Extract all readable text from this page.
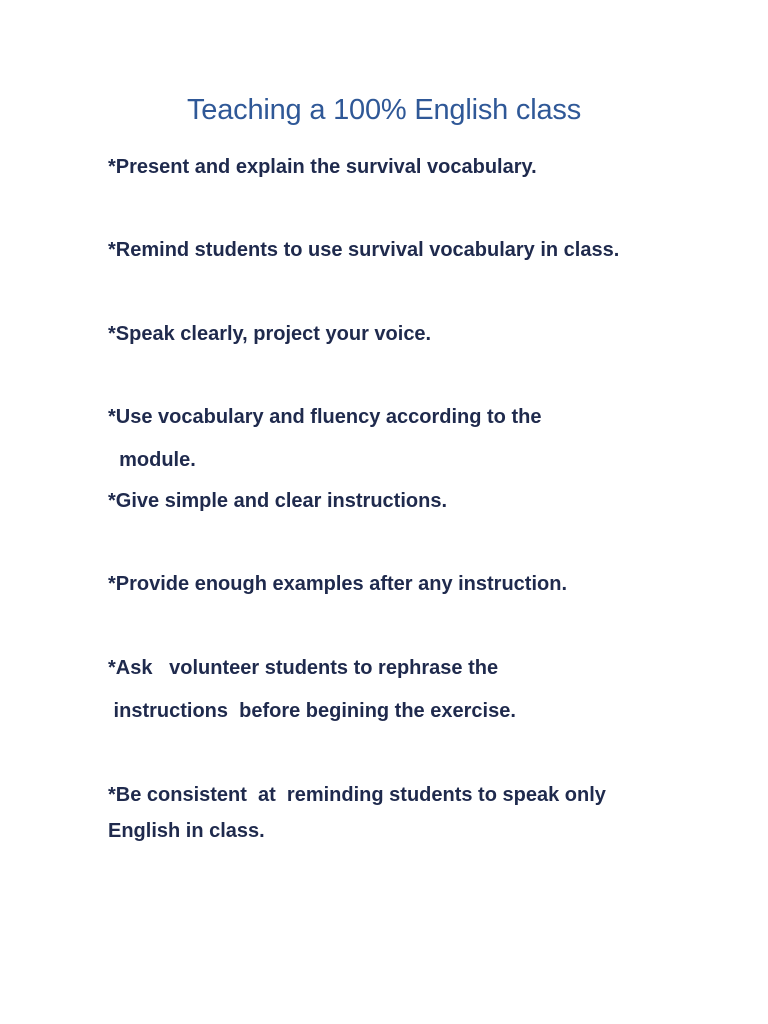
Teaching a 100% English class
*Present and explain the survival vocabulary.
*Remind students to use survival vocabulary in class.
*Speak clearly, project your voice.
*Use vocabulary and fluency according to the
module.
*Give simple and clear instructions.
*Provide enough examples after any instruction.
*Ask   volunteer students to rephrase the
instructions  before begining the exercise.
*Be consistent  at  reminding students to speak only
English in class.
